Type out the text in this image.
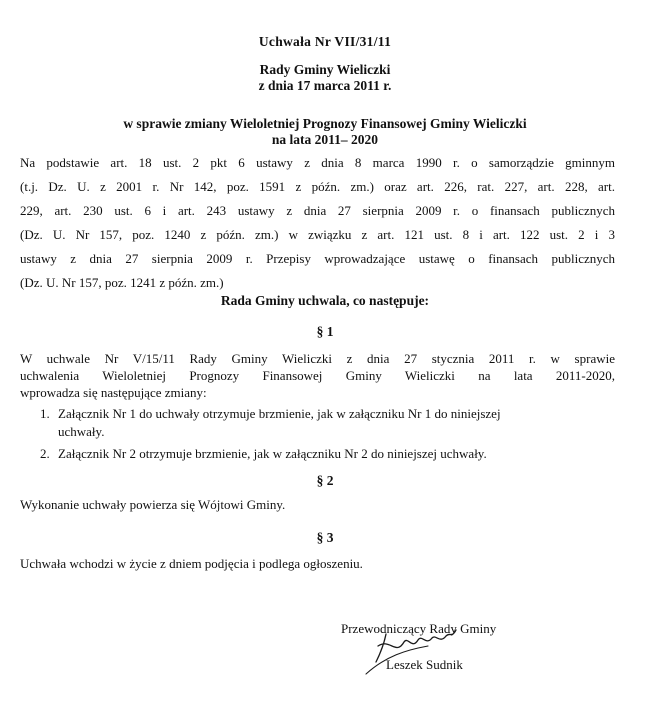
Uchwała Nr VII/31/11
Rady Gminy Wieliczki
z dnia 17 marca 2011 r.
w sprawie zmiany Wieloletniej Prognozy Finansowej Gminy Wieliczki
na lata 2011– 2020
Na podstawie art. 18 ust. 2 pkt 6 ustawy z dnia 8 marca 1990 r. o samorządzie gminnym
(t.j. Dz. U. z 2001 r. Nr 142, poz. 1591 z późn. zm.) oraz art. 226, rat. 227, art. 228, art.
229, art. 230 ust. 6 i art. 243 ustawy z dnia 27 sierpnia 2009 r. o finansach publicznych
(Dz. U. Nr 157, poz. 1240 z późn. zm.) w związku z art. 121 ust. 8 i art. 122 ust. 2 i 3
ustawy z dnia 27 sierpnia 2009 r. Przepisy wprowadzające ustawę o finansach publicznych
(Dz. U. Nr 157, poz. 1241 z późn. zm.)
Rada Gminy uchwala, co następuje:
§ 1
W uchwale Nr V/15/11 Rady Gminy Wieliczki z dnia 27 stycznia 2011 r. w sprawie
uchwalenia Wieloletniej Prognozy Finansowej Gminy Wieliczki na lata 2011-2020,
wprowadza się następujące zmiany:
1. Załącznik Nr 1 do uchwały otrzymuje brzmienie, jak w załączniku Nr 1 do niniejszej
uchwały.
2. Załącznik Nr 2 otrzymuje brzmienie, jak w załączniku Nr 2 do niniejszej uchwały.
§ 2
Wykonanie uchwały powierza się Wójtowi Gminy.
§ 3
Uchwała wchodzi w życie z dniem podjęcia i podlega ogłoszeniu.
Przewodniczący Rady Gminy
Leszek Sudnik
